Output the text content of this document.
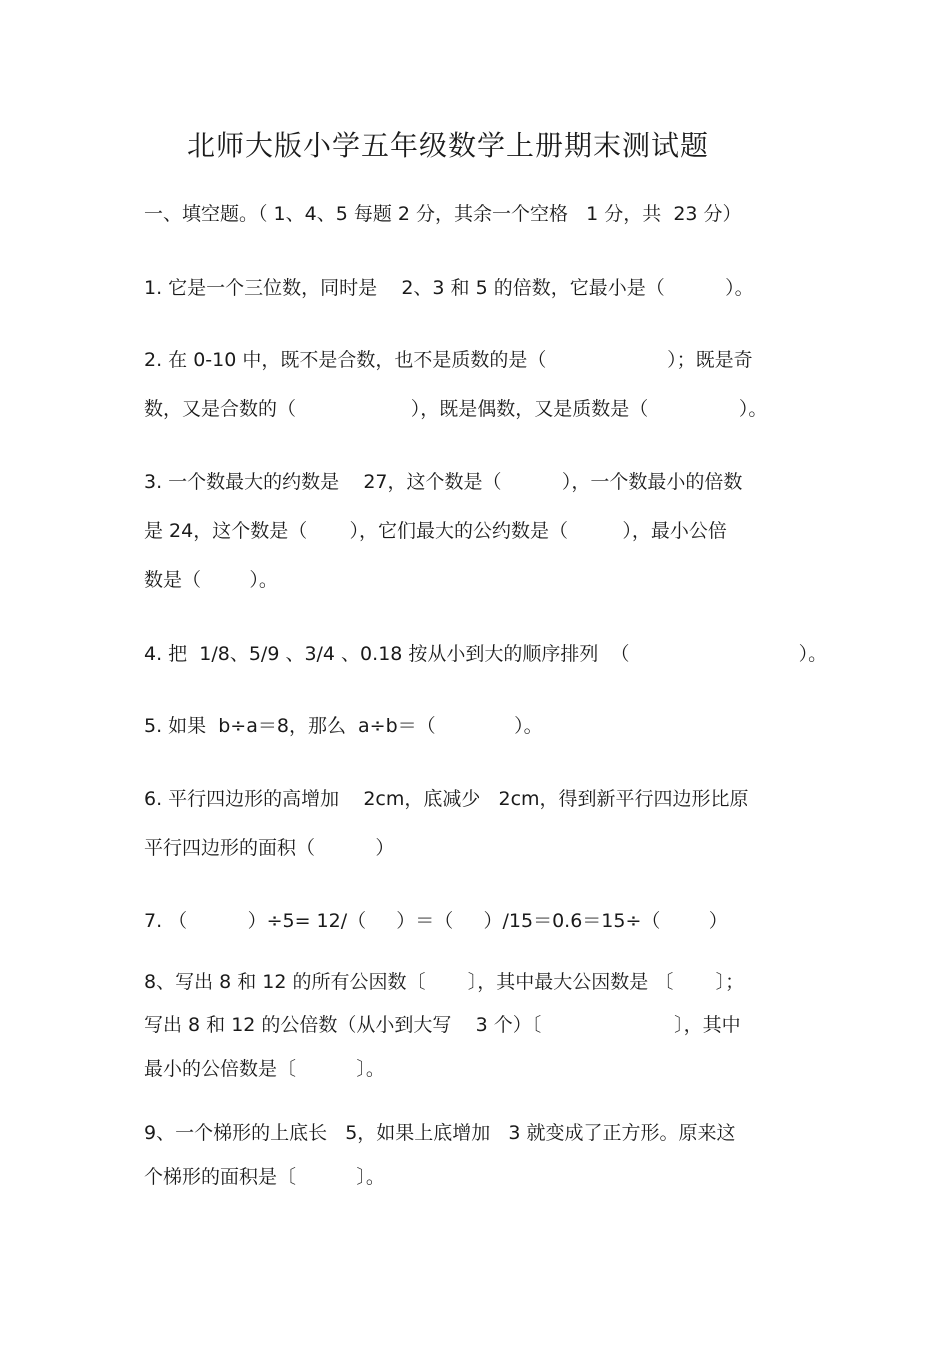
北师大版小学五年级数学上册期末测试题
一、填空题。（ 1、4、5 每题 2 分，其余一个空格   1 分，共  23 分）
1. 它是一个三位数，同时是    2、3 和 5 的倍数，它最小是（          ）。
2. 在 0-10 中，既不是合数，也不是质数的是（                    ）；既是奇
数，又是合数的（                   ），既是偶数，又是质数是（               ）。
3. 一个数最大的约数是    27，这个数是（          ），一个数最小的倍数
是 24，这个数是（       ），它们最大的公约数是（         ），最小公倍
数是（        ）。
4. 把  1/8、5/9 、3/4 、0.18 按从小到大的顺序排列  （                            ）。
5. 如果  b÷a＝8，那么  a÷b＝（             ）。
6. 平行四边形的高增加    2cm，底减少   2cm，得到新平行四边形比原
平行四边形的面积（          ）
7. （          ）÷5= 12/（     ）＝（     ）/15＝0.6＝15÷（        ）
8、写出 8 和 12 的所有公因数〔       〕，其中最大公因数是 〔       〕；
写出 8 和 12 的公倍数（从小到大写    3 个）〔                      〕，其中
最小的公倍数是〔          〕。
9、一个梯形的上底长   5，如果上底增加   3 就变成了正方形。原来这
个梯形的面积是〔          〕。
